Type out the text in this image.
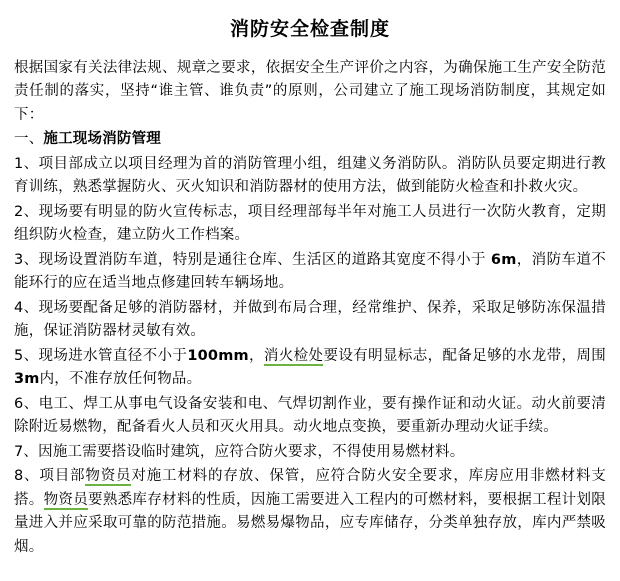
消防安全检查制度

根据国家有关法律法规、规章之要求，依据安全生产评价之内容，为确保施工生产安全防范责任制的落实，坚持“谁主管、谁负责”的原则，公司建立了施工现场消防制度，其规定如下：

一、施工现场消防管理

1、项目部成立以项目经理为首的消防管理小组，组建义务消防队。消防队员要定期进行教育训练，熟悉掌握防火、灭火知识和消防器材的使用方法，做到能防火检查和扑救火灾。

2、现场要有明显的防火宣传标志，项目经理部每半年对施工人员进行一次防火教育，定期组织防火检查，建立防火工作档案。

3、现场设置消防车道，特别是通往仓库、生活区的道路其宽度不得小于 6m，消防车道不能环行的应在适当地点修建回转车辆场地。

4、现场要配备足够的消防器材，并做到布局合理，经常维护、保养，采取足够防冻保温措施，保证消防器材灵敏有效。

5、现场进水管直径不小于100mm，消火检处要设有明显标志，配备足够的水龙带，周围3m内，不准存放任何物品。

6、电工、焊工从事电气设备安装和电、气焊切割作业，要有操作证和动火证。动火前要清除附近易燃物，配备看火人员和灭火用具。动火地点变换，要重新办理动火证手续。

7、因施工需要搭设临时建筑，应符合防火要求，不得使用易燃材料。

8、项目部物资员对施工材料的存放、保管，应符合防火安全要求，库房应用非燃材料支搭。物资员要熟悉库存材料的性质，因施工需要进入工程内的可燃材料，要根据工程计划限量进入并应采取可靠的防范措施。易燃易爆物品，应专库储存，分类单独存放，库内严禁吸烟。
